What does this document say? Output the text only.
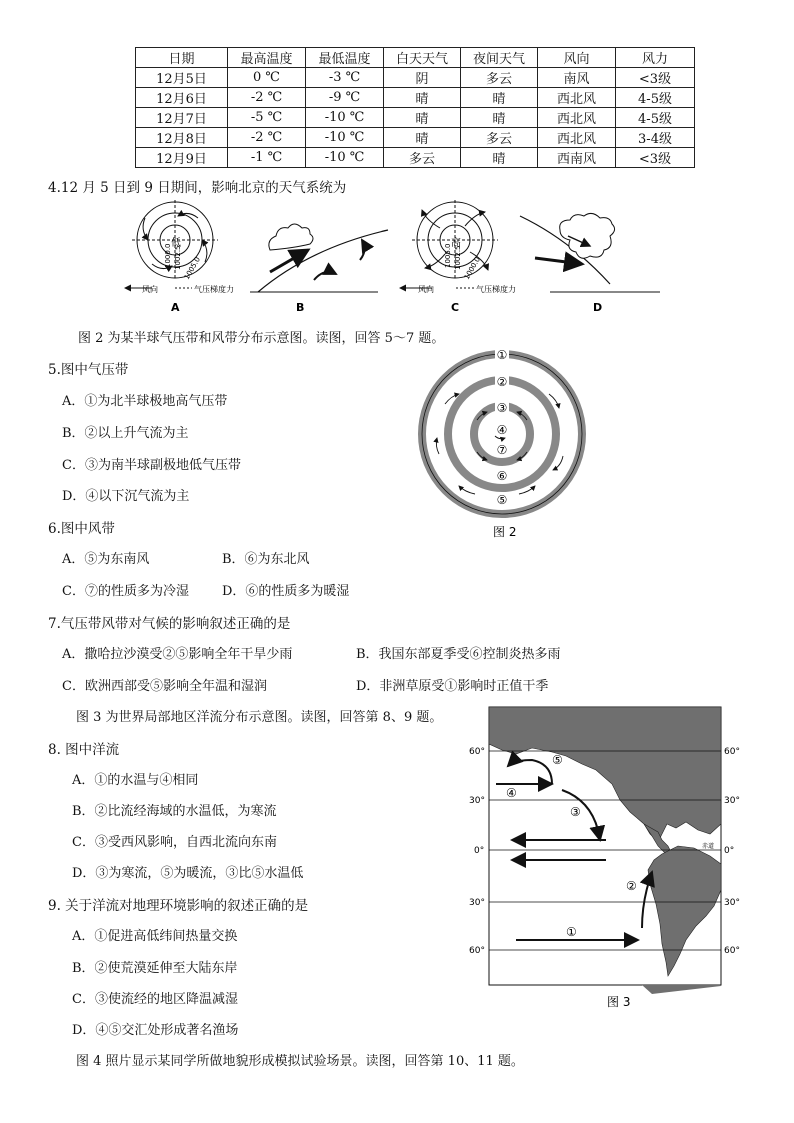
日期	最高温度	最低温度	白天天气	夜间天气	风向	风力
12月5日	0 ℃	-3 ℃	阴	多云	南风	<3级
12月6日	-2 ℃	-9 ℃	晴	晴	西北风	4-5级
12月7日	-5 ℃	-10 ℃	晴	晴	西北风	4-5级
12月8日	-2 ℃	-10 ℃	晴	多云	西北风	3-4级
12月9日	-1 ℃	-10 ℃	多云	晴	西南风	<3级
4.12 月 5 日到 9 日期间，影响北京的天气系统为
低
1000.0 1002.5 1005.0
风向	气压梯度力
A	B
高
1005.0 1002.5 1000.0
风向	气压梯度力
C	D
图 2 为某半球气压带和风带分布示意图。读图，回答 5～7 题。
5.图中气压带
A．①为北半球极地高气压带
B．②以上升气流为主
C．③为南半球副极地低气压带
D．④以下沉气流为主
①
②
③
④
⑦
⑥
⑤
图 2
6.图中风带
A．⑤为东南风	B．⑥为东北风
C．⑦的性质多为冷湿	D．⑥的性质多为暖湿
7.气压带风带对气候的影响叙述正确的是
A．撒哈拉沙漠受②⑤影响全年干旱少雨	B．我国东部夏季受⑥控制炎热多雨
C．欧洲西部受⑤影响全年温和湿润	D．非洲草原受①影响时正值干季
图 3 为世界局部地区洋流分布示意图。读图，回答第 8、9 题。
8. 图中洋流
A．①的水温与④相同
B．②比流经海域的水温低，为寒流
C．③受西风影响，自西北流向东南
D．③为寒流，⑤为暖流，③比⑤水温低
9. 关于洋流对地理环境影响的叙述正确的是
A．①促进高低纬间热量交换
B．②使荒漠延伸至大陆东岸
C．③使流经的地区降温减湿
D．④⑤交汇处形成著名渔场
60°
30°
0°
30°
60°
60°
30°
0°
30°
60°
赤道
⑤
④
③
②
①
图 3
图 4 照片显示某同学所做地貌形成模拟试验场景。读图，回答第 10、11 题。
